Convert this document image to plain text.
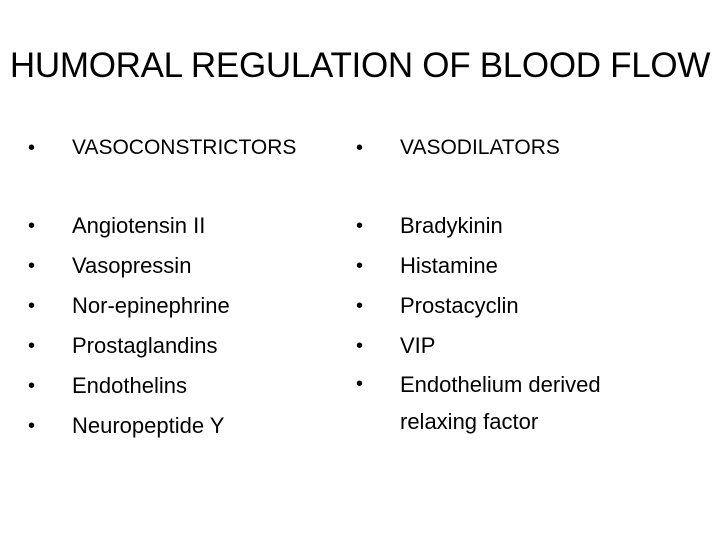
HUMORAL REGULATION OF BLOOD FLOW
•	VASOCONSTRICTORS
•	Angiotensin II
•	Vasopressin
•	Nor-epinephrine
•	Prostaglandins
•	Endothelins
•	Neuropeptide Y
•	VASODILATORS
•	Bradykinin
•	Histamine
•	Prostacyclin
•	VIP
•	Endothelium derived relaxing factor
